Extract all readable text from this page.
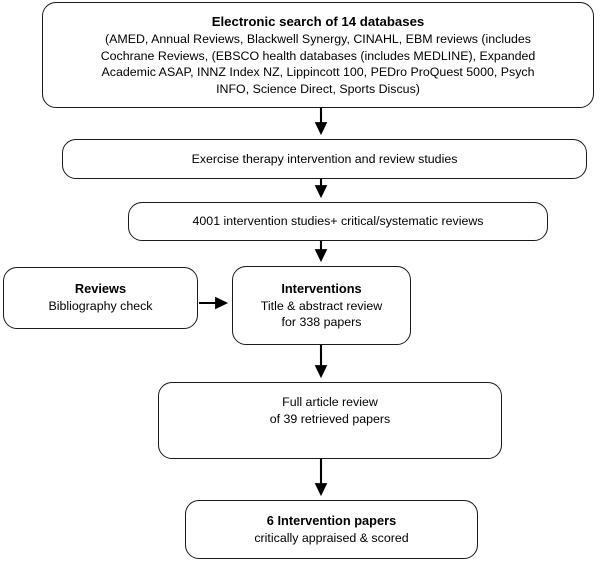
Electronic search of 14 databases
(AMED, Annual Reviews, Blackwell Synergy, CINAHL, EBM reviews (includes
Cochrane Reviews, (EBSCO health databases (includes MEDLINE), Expanded
Academic ASAP, INNZ Index NZ, Lippincott 100, PEDro ProQuest 5000, Psych
INFO, Science Direct, Sports Discus)
Exercise therapy intervention and review studies
4001 intervention studies+ critical/systematic reviews
Reviews
Bibliography check
Interventions
Title & abstract review
for 338 papers
Full article review
of 39 retrieved papers
6 Intervention papers
critically appraised & scored
